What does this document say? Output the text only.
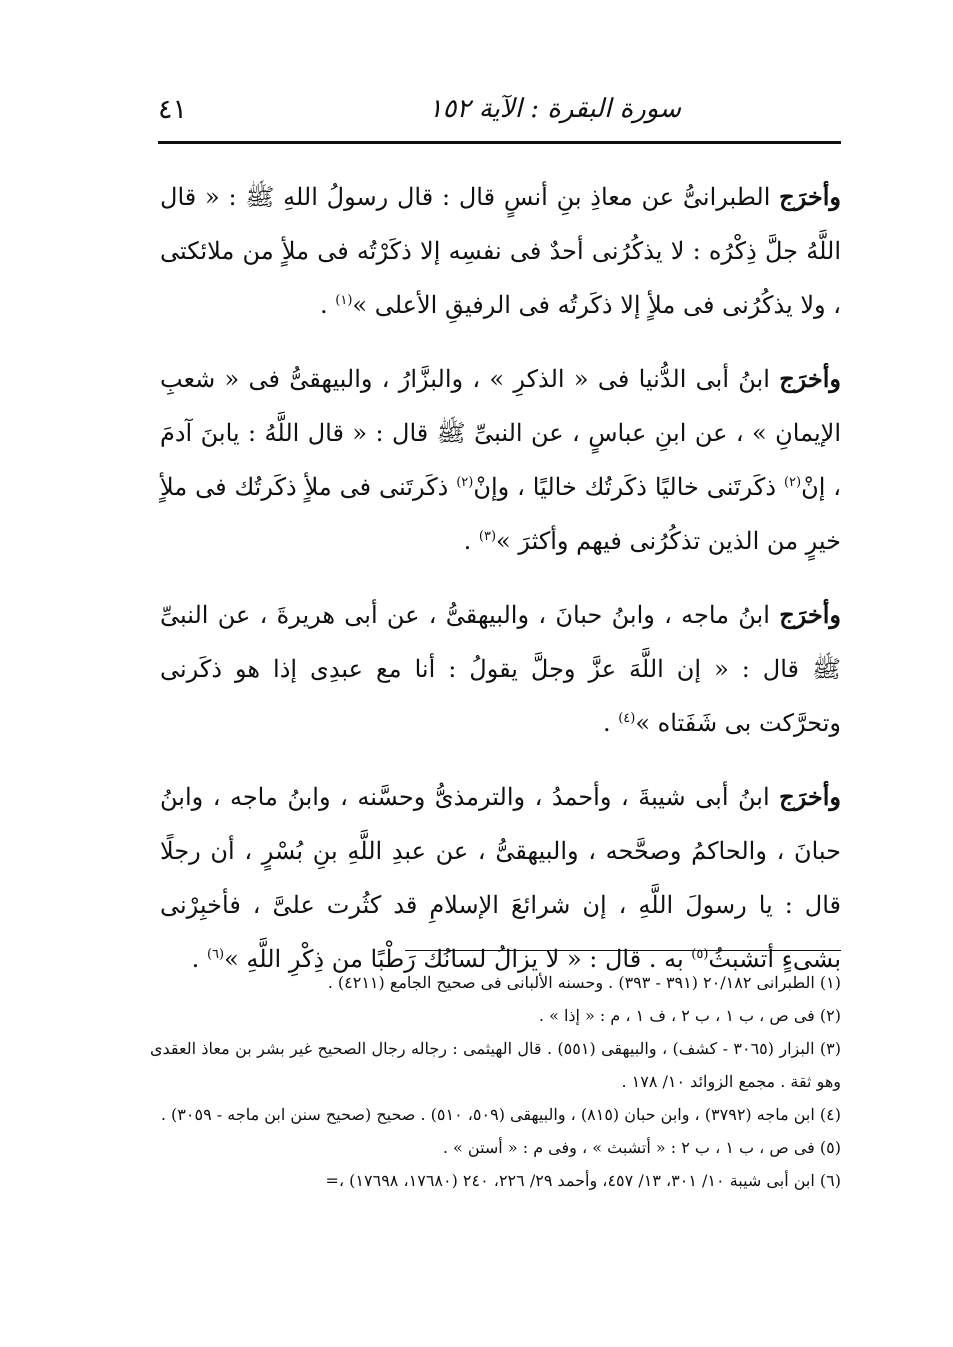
سورة البقرة : الآية ١٥٢
٤١

وأخرَج الطبرانىُّ عن معاذِ بنِ أنسٍ قال : قال رسولُ اللهِ ﷺ : « قال اللَّهُ جلَّ ذِكْرُه : لا يذكُرُنى أحدٌ فى نفسِه إلا ذكَرْتُه فى ملأٍ من ملائكتى ، ولا يذكُرُنى فى ملأٍ إلا ذكَرتُه فى الرفيقِ الأعلى »$^{(١)}$ .

وأخرَج ابنُ أبى الدُّنيا فى « الذكرِ » ، والبزَّارُ ، والبيهقىُّ فى « شعبِ الإيمانِ » ، عن ابنِ عباسٍ ، عن النبىِّ ﷺ قال : « قال اللَّهُ : يابنَ آدمَ ، إنْ$^{(٢)}$ ذكَرتَنى خاليًا ذكَرتُك خاليًا ، وإنْ$^{(٢)}$ ذكَرتَنى فى ملأٍ ذكَرتُك فى ملأٍ خيرٍ من الذين تذكُرُنى فيهم وأكثرَ »$^{(٣)}$ .

وأخرَج ابنُ ماجه ، وابنُ حبانَ ، والبيهقىُّ ، عن أبى هريرةَ ، عن النبىِّ ﷺ قال : « إن اللَّهَ عزَّ وجلَّ يقولُ : أنا مع عبدِى إذا هو ذكَرنى وتحرَّكت بى شَفَتاه »$^{(٤)}$ .

وأخرَج ابنُ أبى شيبةَ ، وأحمدُ ، والترمذىُّ وحسَّنه ، وابنُ ماجه ، وابنُ حبانَ ، والحاكمُ وصحَّحه ، والبيهقىُّ ، عن عبدِ اللَّهِ بنِ بُسْرٍ ، أن رجلًا قال : يا رسولَ اللَّهِ ، إن شرائعَ الإسلامِ قد كثُرت علىَّ ، فأخبِرْنى بشىءٍ أتشبثُ$^{(٥)}$ به . قال : « لا يزالُ لسانُك رَطْبًا من ذِكْرِ اللَّهِ »$^{(٦)}$ .

(١) الطبرانى ٢٠/١٨٢ (٣٩١ - ٣٩٣) . وحسنه الألبانى فى صحيح الجامع (٤٢١١) .

(٢) فى ص ، ب ١ ، ب ٢ ، ف ١ ، م : « إذا » .

(٣) البزار (٣٠٦٥ - كشف) ، والبيهقى (٥٥١) . قال الهيثمى : رجاله رجال الصحيح غير بشر بن معاذ العقدى وهو ثقة . مجمع الزوائد ١٠/ ١٧٨ .

(٤) ابن ماجه (٣٧٩٢) ، وابن حبان (٨١٥) ، والبيهقى (٥٠٩، ٥١٠) . صحيح (صحيح سنن ابن ماجه - ٣٠٥٩) .

(٥) فى ص ، ب ١ ، ب ٢ : « أتشبث » ، وفى م : « أستن » .

(٦) ابن أبى شيبة ١٠/ ٣٠١، ١٣/ ٤٥٧، وأحمد ٢٩/ ٢٢٦، ٢٤٠ (١٧٦٨٠، ١٧٦٩٨) ،=
